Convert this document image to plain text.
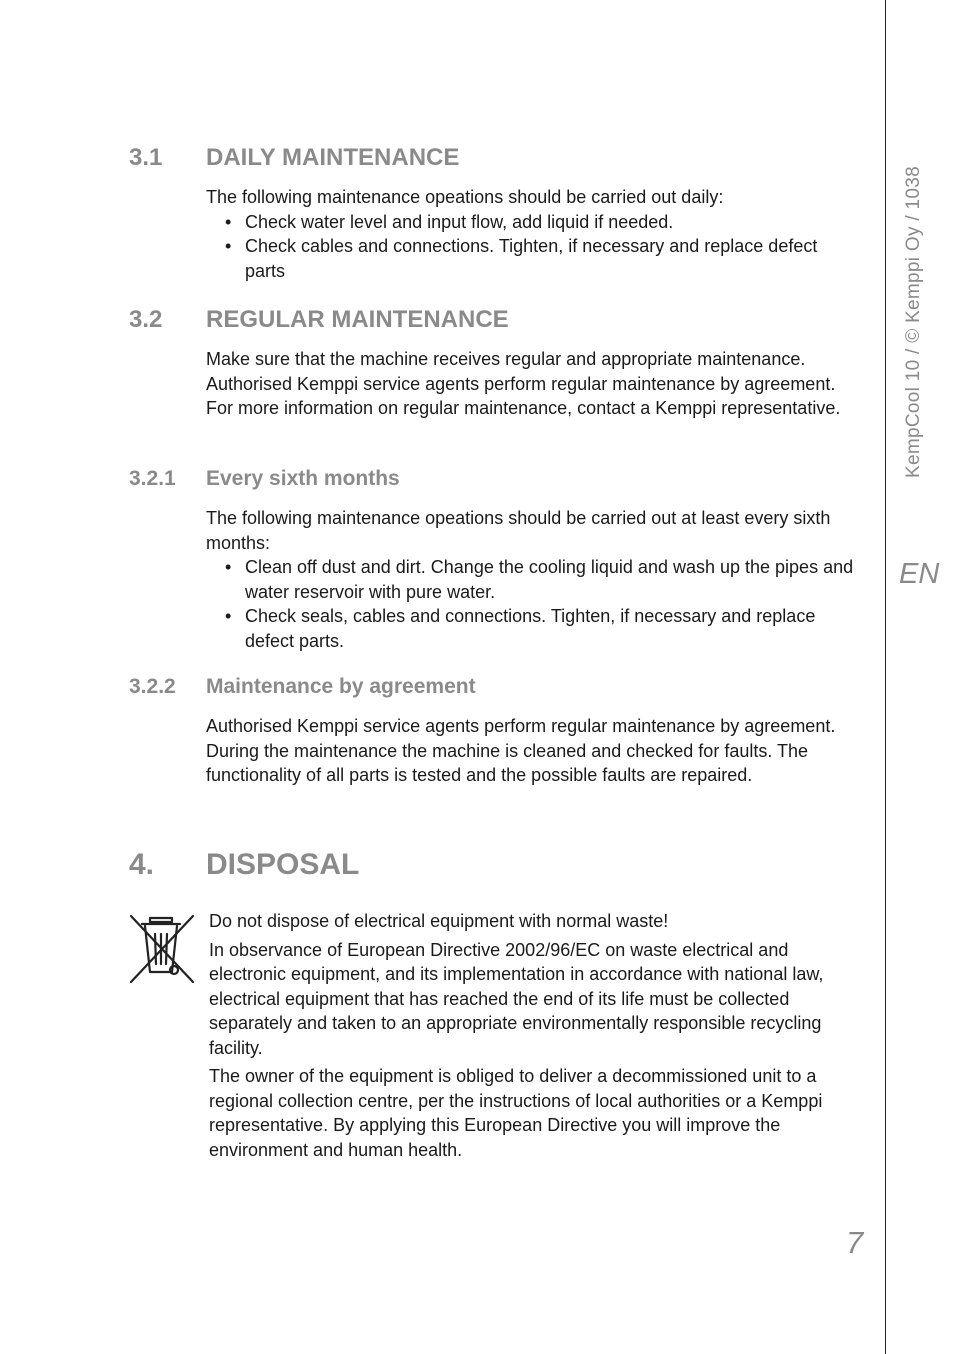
KempCool 10 / © Kemppi Oy / 1038
EN
7
3.1 DAILY MAINTENANCE

The following maintenance opeations should be carried out daily:

• Check water level and input flow, add liquid if needed.
• Check cables and connections. Tighten, if necessary and replace defect parts
3.2 REGULAR MAINTENANCE

Make sure that the machine receives regular and appropriate maintenance. Authorised Kemppi service agents perform regular maintenance by agreement. For more information on regular maintenance, contact a Kemppi representative.

3.2.1 Every sixth months

The following maintenance opeations should be carried out at least every sixth months:

• Clean off dust and dirt. Change the cooling liquid and wash up the pipes and water reservoir with pure water.
• Check seals, cables and connections. Tighten, if necessary and replace defect parts.
3.2.2 Maintenance by agreement

Authorised Kemppi service agents perform regular maintenance by agreement. During the maintenance the machine is cleaned and checked for faults. The functionality of all parts is tested and the possible faults are repaired.

4. DISPOSAL

Do not dispose of electrical equipment with normal waste!

In observance of European Directive 2002/96/EC on waste electrical and electronic equipment, and its implementation in accordance with national law, electrical equipment that has reached the end of its life must be collected separately and taken to an appropriate environmentally responsible recycling facility.

The owner of the equipment is obliged to deliver a decommissioned unit to a regional collection centre, per the instructions of local authorities or a Kemppi representative. By applying this European Directive you will improve the environment and human health.
